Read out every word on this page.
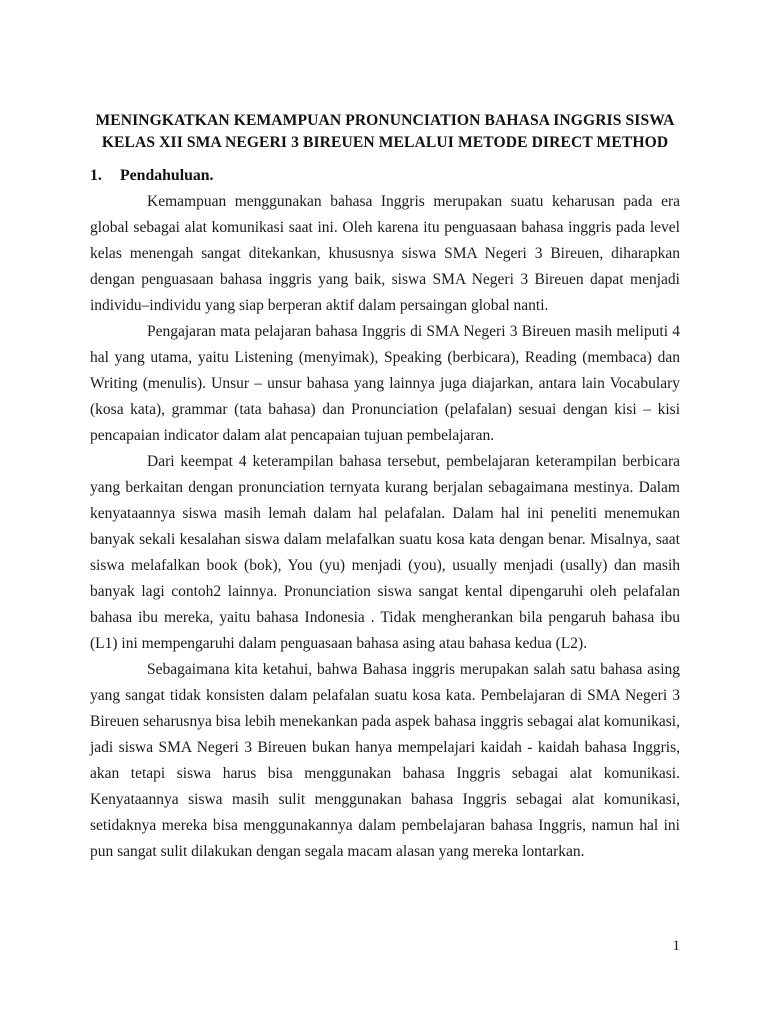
MENINGKATKAN KEMAMPUAN PRONUNCIATION BAHASA INGGRIS SISWA
KELAS XII SMA NEGERI 3 BIREUEN MELALUI METODE DIRECT METHOD
1.	Pendahuluan.

Kemampuan menggunakan bahasa Inggris merupakan suatu keharusan pada era global sebagai alat komunikasi saat ini. Oleh karena itu penguasaan bahasa inggris pada level kelas menengah sangat ditekankan, khususnya siswa SMA Negeri 3 Bireuen, diharapkan dengan penguasaan bahasa inggris yang baik, siswa SMA Negeri 3 Bireuen dapat menjadi individu–individu yang siap berperan aktif dalam persaingan global nanti.

Pengajaran mata pelajaran bahasa Inggris di SMA Negeri 3 Bireuen masih meliputi 4 hal yang utama, yaitu Listening (menyimak), Speaking (berbicara), Reading (membaca) dan Writing (menulis). Unsur – unsur bahasa yang lainnya juga diajarkan, antara lain Vocabulary (kosa kata), grammar (tata bahasa) dan Pronunciation (pelafalan) sesuai dengan kisi – kisi pencapaian indicator dalam alat pencapaian tujuan pembelajaran.

Dari keempat 4 keterampilan bahasa tersebut, pembelajaran keterampilan berbicara yang berkaitan dengan pronunciation ternyata kurang berjalan sebagaimana mestinya. Dalam kenyataannya siswa masih lemah dalam hal pelafalan. Dalam hal ini peneliti menemukan banyak sekali kesalahan siswa dalam melafalkan suatu kosa kata dengan benar. Misalnya, saat siswa melafalkan book (bok), You (yu) menjadi (you), usually menjadi (usally) dan masih banyak lagi contoh2 lainnya. Pronunciation siswa sangat kental dipengaruhi oleh pelafalan bahasa ibu mereka, yaitu bahasa Indonesia . Tidak mengherankan bila pengaruh bahasa ibu (L1) ini mempengaruhi dalam penguasaan bahasa asing atau bahasa kedua (L2).

Sebagaimana kita ketahui, bahwa Bahasa inggris merupakan salah satu bahasa asing yang sangat tidak konsisten dalam pelafalan suatu kosa kata. Pembelajaran di SMA Negeri 3 Bireuen seharusnya bisa lebih menekankan pada aspek bahasa inggris sebagai alat komunikasi, jadi siswa SMA Negeri 3 Bireuen bukan hanya mempelajari kaidah - kaidah bahasa Inggris, akan tetapi siswa harus bisa menggunakan bahasa Inggris sebagai alat komunikasi. Kenyataannya siswa masih sulit menggunakan bahasa Inggris sebagai alat komunikasi, setidaknya mereka bisa menggunakannya dalam pembelajaran bahasa Inggris, namun hal ini pun sangat sulit dilakukan dengan segala macam alasan yang mereka lontarkan.

1
